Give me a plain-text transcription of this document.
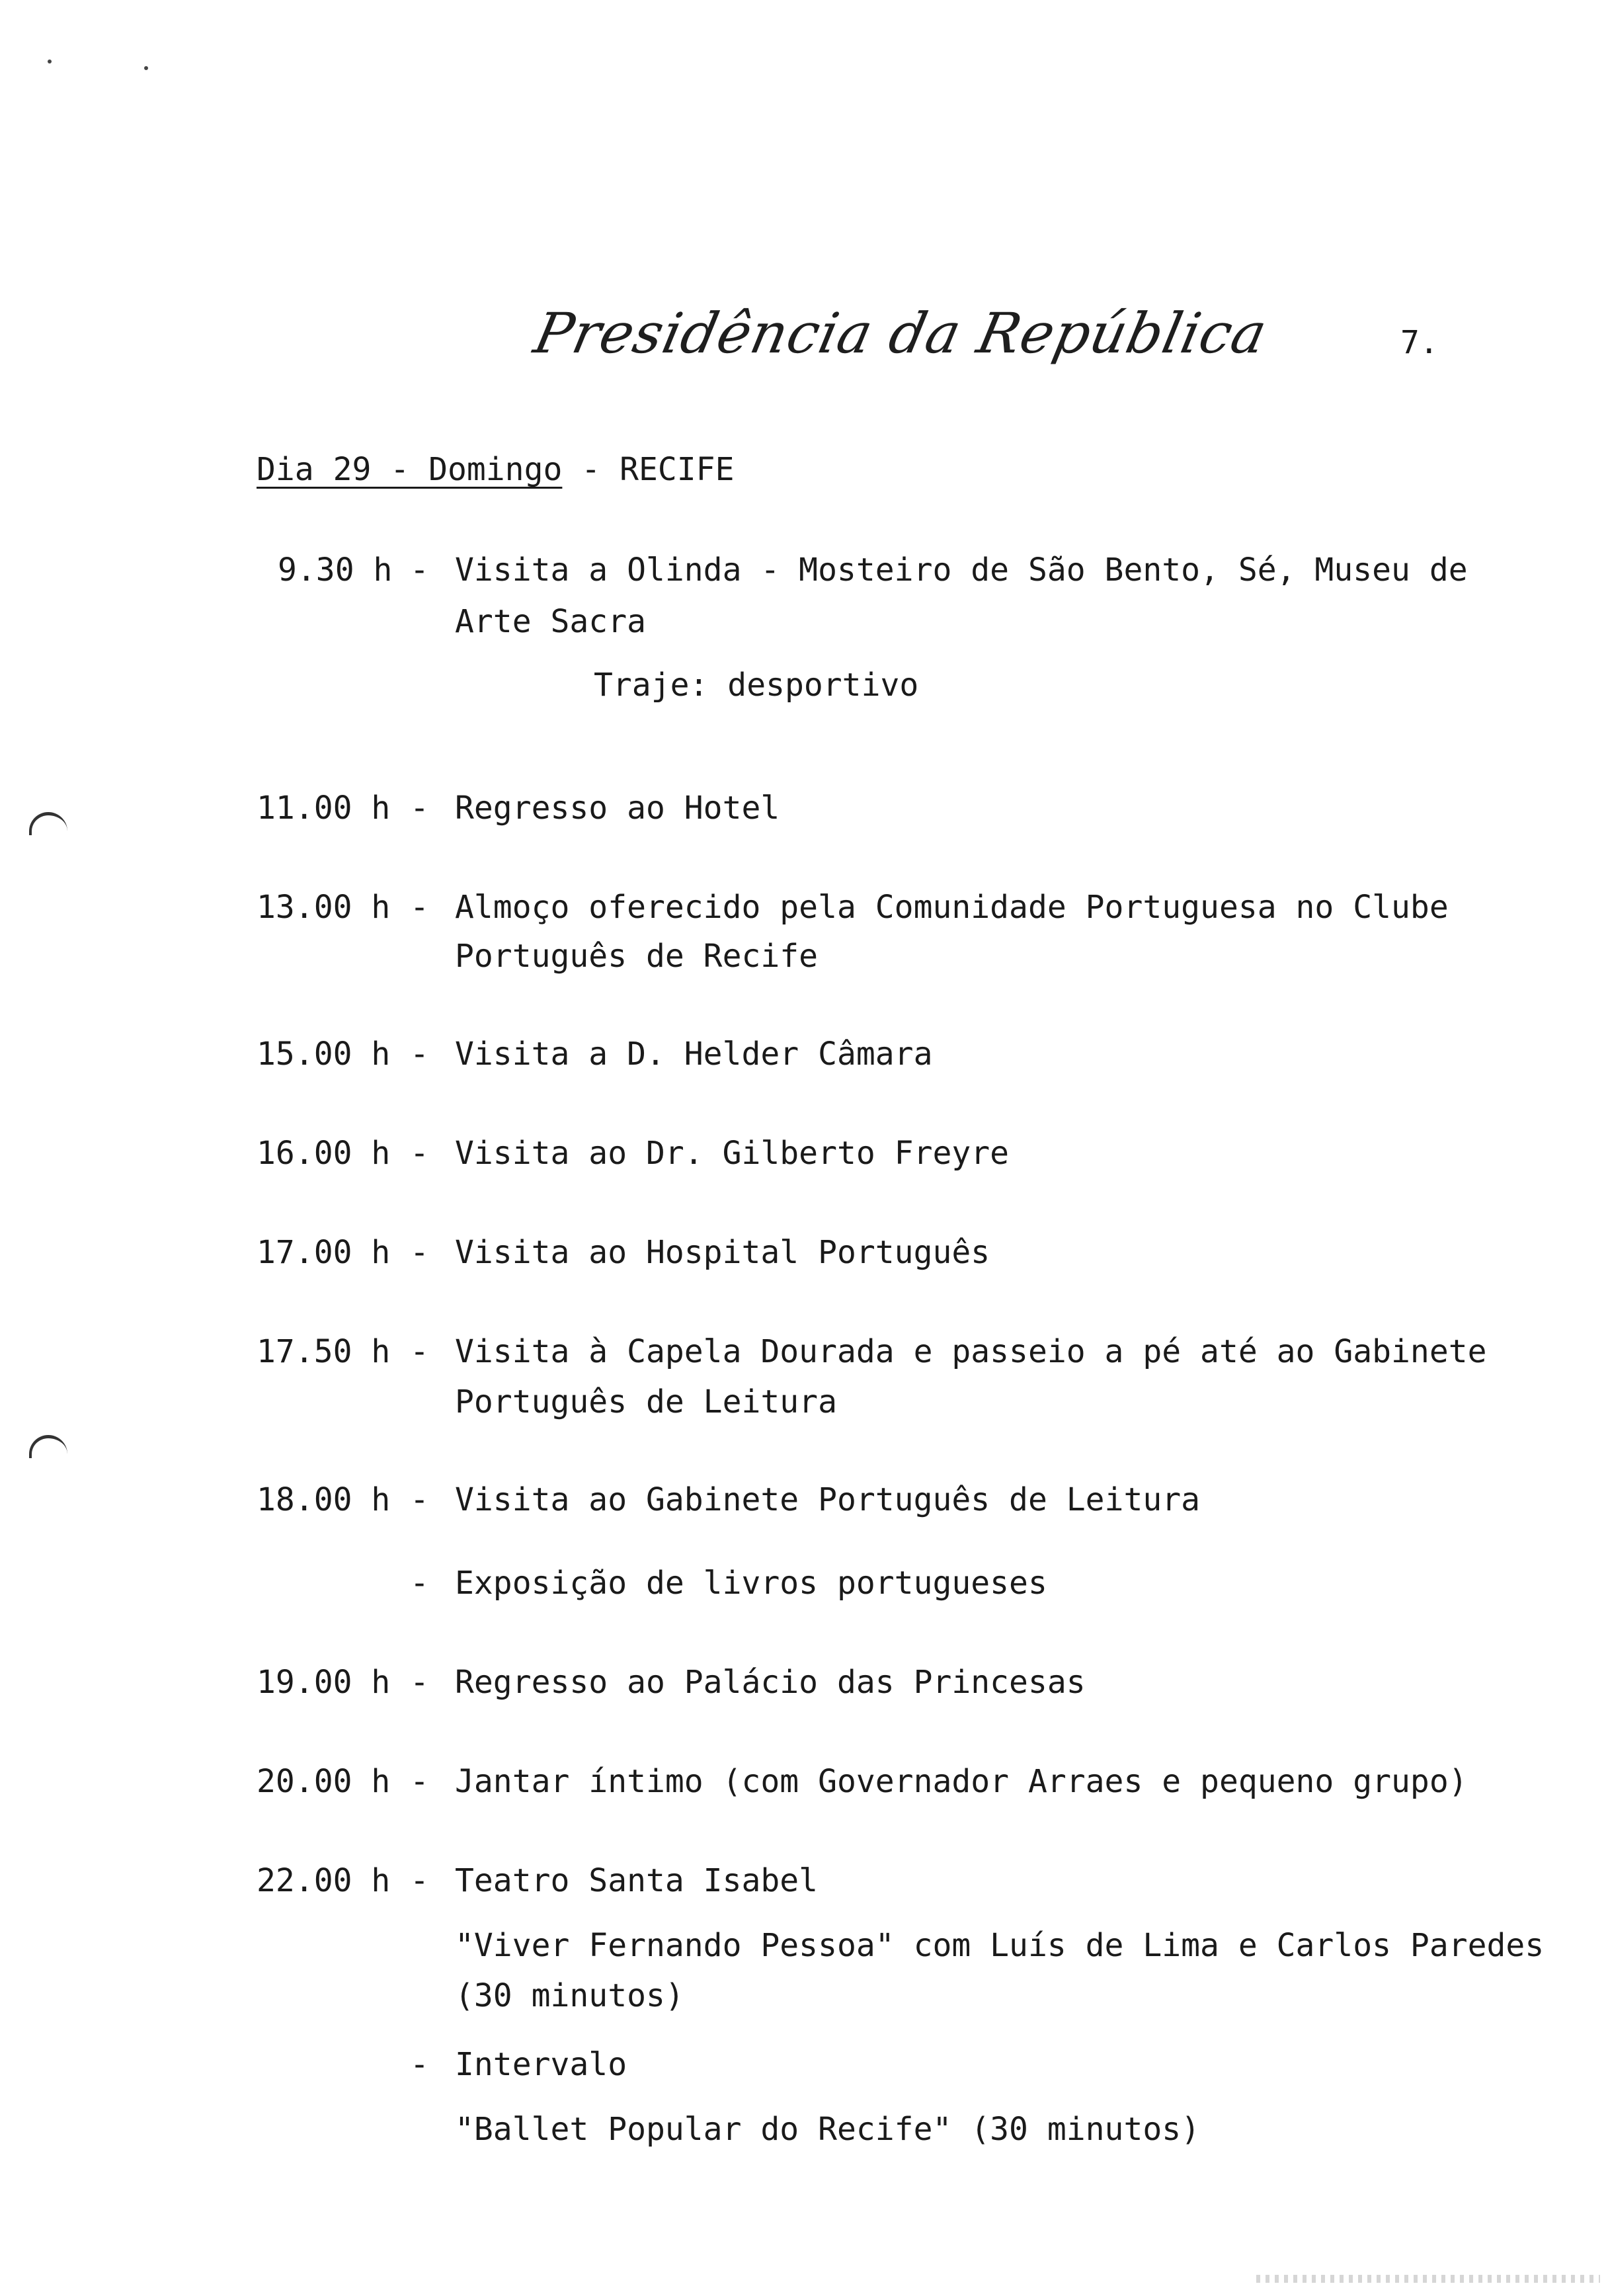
Presidência da República	7.
Dia 29 - Domingo - RECIFE
9.30 h - Visita a Olinda - Mosteiro de São Bento, Sé, Museu de
Arte Sacra
Traje: desportivo
11.00 h - Regresso ao Hotel
13.00 h - Almoço oferecido pela Comunidade Portuguesa no Clube
Português de Recife
15.00 h - Visita a D. Helder Câmara
16.00 h - Visita ao Dr. Gilberto Freyre
17.00 h - Visita ao Hospital Português
17.50 h - Visita à Capela Dourada e passeio a pé até ao Gabinete
Português de Leitura
18.00 h - Visita ao Gabinete Português de Leitura
- Exposição de livros portugueses
19.00 h - Regresso ao Palácio das Princesas
20.00 h - Jantar íntimo (com Governador Arraes e pequeno grupo)
22.00 h - Teatro Santa Isabel
"Viver Fernando Pessoa" com Luís de Lima e Carlos Paredes
(30 minutos)
- Intervalo
"Ballet Popular do Recife" (30 minutos)
